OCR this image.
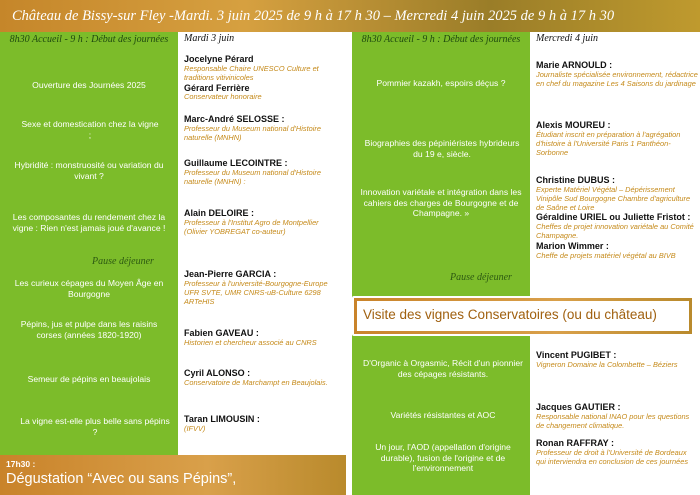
Château de Bissy-sur Fley -Mardi. 3 juin 2025 de 9 h à 17 h 30 – Mercredi 4 juin 2025 de 9 h à 17 h 30
8h30 Accueil - 9 h : Début des journées
Ouverture des Journées 2025
Sexe et domestication chez la vigne ;
Hybridité : monstruosité ou variation du vivant ?
Les composantes du rendement chez la vigne : Rien n'est jamais joué d'avance !
Pause déjeuner
Les curieux cépages du Moyen Âge en Bourgogne
Pépins, jus et pulpe dans les raisins corses (années 1820-1920)
Semeur de pépins en beaujolais
La vigne est-elle plus belle sans pépins ?
Mardi 3 juin
Jocelyne Pérard
Responsable Chaire UNESCO Culture et traditions vitivinicoles
Gérard Ferrière
Conservateur honoraire
Marc-André SELOSSE :
Professeur du Museum national d'Histoire naturelle (MNHN)
Guillaume LECOINTRE :
Professeur du Museum national d'Histoire naturelle (MNHN) :
Alain DELOIRE :
Professeur à l'Institut Agro de Montpellier (Olivier YOBREGAT co-auteur)
Jean-Pierre GARCIA :
Professeur à l'université-Bourgogne-Europe UFR SVTE, UMR CNRS-uB-Culture 6298 ARTeHIS
Fabien GAVEAU :
Historien et chercheur associé au CNRS
Cyril ALONSO :
Conservatoire de Marchampt en Beaujolais.
Taran LIMOUSIN :
(IFVV)
17h30 :
Dégustation “Avec ou sans Pépins”,
8h30 Accueil - 9 h : Début des journées
Pommier kazakh, espoirs déçus ?
Biographies des pépiniéristes hybrideurs du 19 e, siècle.
Innovation variétale et intégration dans les cahiers des charges de Bourgogne et de Champagne. »
Pause déjeuner
D'Organic à Orgasmic, Récit d'un pionnier des cépages résistants.
Variétés résistantes et AOC
Un jour, l'AOD (appellation d'origine durable), fusion de l'origine et de l'environnement
Mercredi 4 juin
Marie ARNOULD :
Journaliste spécialisée environnement, rédactrice en chef du magazine Les 4 Saisons du jardinage
Alexis MOUREU :
Étudiant inscrit en préparation à l'agrégation d'histoire à l'Université Paris 1 Panthéon-Sorbonne
Christine DUBUS :
Experte Matériel Végétal – Dépérissement Vinipôle Sud Bourgogne Chambre d'agriculture de Saône et Loire
Géraldine URIEL ou Juliette Fristot :
Cheffes de projet innovation variétale au Comité Champagne.
Marion Wimmer :
Cheffe de projets matériel végétal au BIVB
Vincent PUGIBET :
Vigneron Domaine la Colombette – Béziers
Jacques GAUTIER :
Responsable national INAO pour les questions de changement climatique.
Ronan RAFFRAY :
Professeur de droit à l'Université de Bordeaux qui interviendra en conclusion de ces journées
Visite des vignes Conservatoires (ou du château)
